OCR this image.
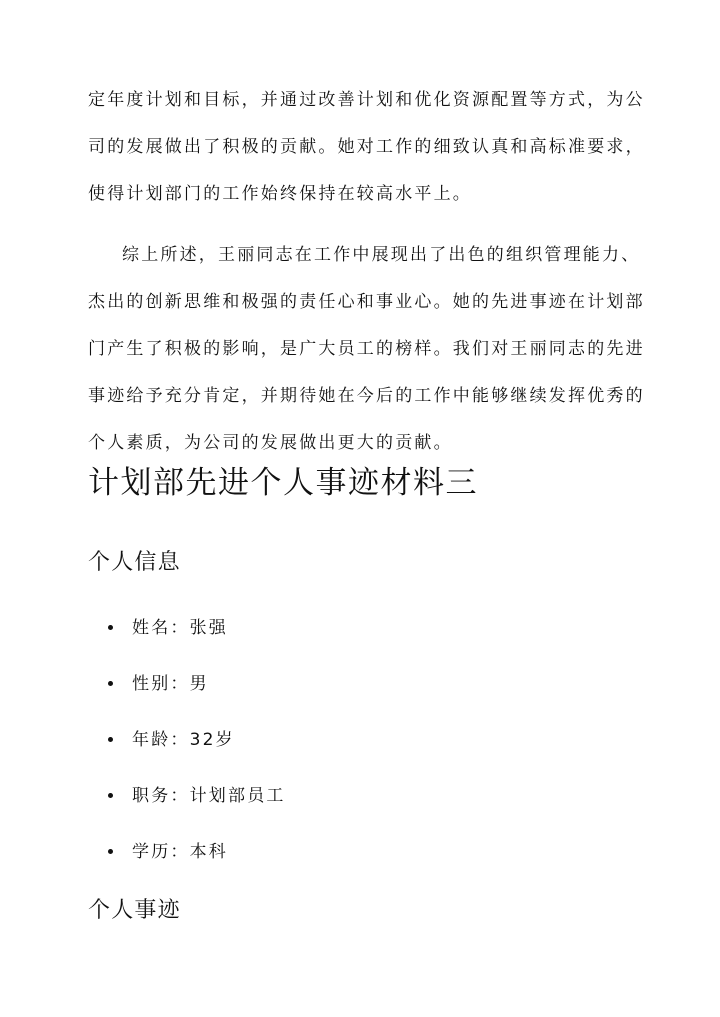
定年度计划和目标，并通过改善计划和优化资源配置等方式，为公
司的发展做出了积极的贡献。她对工作的细致认真和高标准要求，
使得计划部门的工作始终保持在较高水平上。

综上所述，王丽同志在工作中展现出了出色的组织管理能力、
杰出的创新思维和极强的责任心和事业心。她的先进事迹在计划部
门产生了积极的影响，是广大员工的榜样。我们对王丽同志的先进
事迹给予充分肯定，并期待她在今后的工作中能够继续发挥优秀的
个人素质，为公司的发展做出更大的贡献。

计划部先进个人事迹材料三
个人信息
姓名：张强
性别：男
年龄：32岁
职务：计划部员工
学历：本科
个人事迹
